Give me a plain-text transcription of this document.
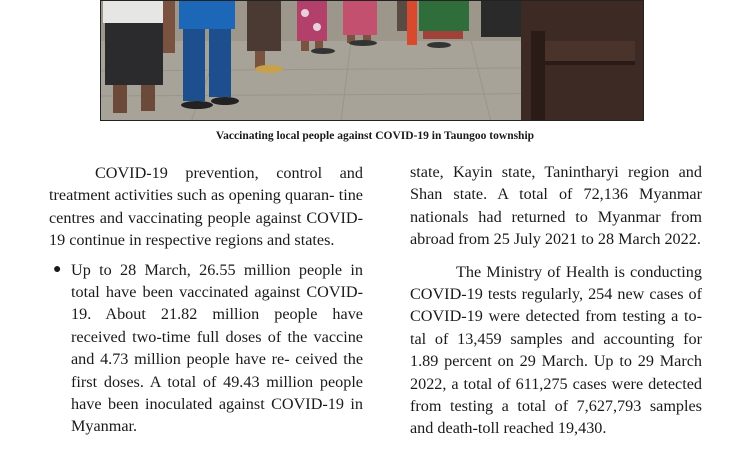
Vaccinating local people against COVID-19 in Taungoo township

COVID-19 prevention, control and treatment activities such as opening quaran- tine centres and vaccinating people against COVID-19 continue in respective regions and states.

● Up to 28 March, 26.55 million people in total have been vaccinated against COVID-19. About 21.82 million people have received two-time full doses of the vaccine and 4.73 million people have re- ceived the first doses. A total of 49.43 million people have been inoculated against COVID-19 in Myanmar.

state, Kayin state, Tanintharyi region and Shan state. A total of 72,136 Myanmar nationals had returned to Myanmar from abroad from 25 July 2021 to 28 March 2022.

The Ministry of Health is conducting COVID-19 tests regularly, 254 new cases of COVID-19 were detected from testing a to- tal of 13,459 samples and accounting for 1.89 percent on 29 March. Up to 29 March 2022, a total of 611,275 cases were detected from testing a total of 7,627,793 samples and death-toll reached 19,430.
